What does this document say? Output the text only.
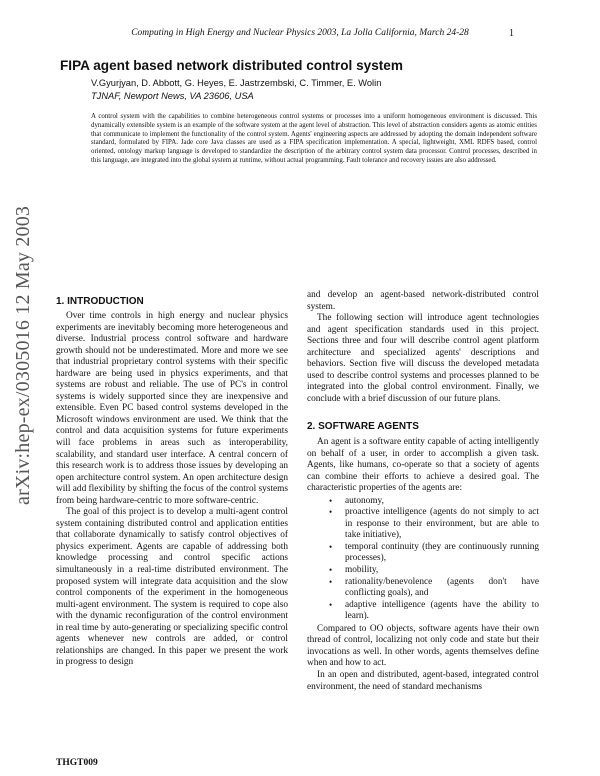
Computing in High Energy and Nuclear Physics 2003, La Jolla California, March 24-28	1
arXiv:hep-ex/0305016 12 May 2003
FIPA agent based network distributed control system
V.Gyurjyan, D. Abbott, G. Heyes, E. Jastrzembski, C. Timmer, E. Wolin
TJNAF, Newport News, VA 23606, USA
A control system with the capabilities to combine heterogeneous control systems or processes into a uniform homogeneous environment is discussed. This dynamically extensible system is an example of the software system at the agent level of abstraction. This level of abstraction considers agents as atomic entities that communicate to implement the functionality of the control system. Agents' engineering aspects are addressed by adopting the domain independent software standard, formulated by FIPA. Jade core Java classes are used as a FIPA specification implementation. A special, lightweight, XML RDFS based, control oriented, ontology markup language is developed to standardize the description of the arbitrary control system data processor. Control processes, described in this language, are integrated into the global system at runtime, without actual programming. Fault tolerance and recovery issues are also addressed.
1. INTRODUCTION

Over time controls in high energy and nuclear physics experiments are inevitably becoming more heterogeneous and diverse. Industrial process control software and hardware growth should not be underestimated. More and more we see that industrial proprietary control systems with their specific hardware are being used in physics experiments, and that systems are robust and reliable. The use of PC's in control systems is widely supported since they are inexpensive and extensible. Even PC based control systems developed in the Microsoft windows environment are used. We think that the control and data acquisition systems for future experiments will face problems in areas such as interoperability, scalability, and standard user interface. A central concern of this research work is to address those issues by developing an open architecture control system. An open architecture design will add flexibility by shifting the focus of the control systems from being hardware-centric to more software-centric.

The goal of this project is to develop a multi-agent control system containing distributed control and application entities that collaborate dynamically to satisfy control objectives of physics experiment. Agents are capable of addressing both knowledge processing and control specific actions simultaneously in a real-time distributed environment. The proposed system will integrate data acquisition and the slow control components of the experiment in the homogeneous multi-agent environment. The system is required to cope also with the dynamic reconfiguration of the control environment in real time by auto-generating or specializing specific control agents whenever new controls are added, or control relationships are changed. In this paper we present the work in progress to design

and develop an agent-based network-distributed control system.

The following section will introduce agent technologies and agent specification standards used in this project. Sections three and four will describe control agent platform architecture and specialized agents' descriptions and behaviors. Section five will discuss the developed metadata used to describe control systems and processes planned to be integrated into the global control environment. Finally, we conclude with a brief discussion of our future plans.

2. SOFTWARE AGENTS

An agent is a software entity capable of acting intelligently on behalf of a user, in order to accomplish a given task. Agents, like humans, co-operate so that a society of agents can combine their efforts to achieve a desired goal. The characteristic properties of the agents are:

• autonomy,
• proactive intelligence (agents do not simply to act in response to their environment, but are able to take initiative),
• temporal continuity (they are continuously running processes),
• mobility,
• rationality/benevolence (agents don't have conflicting goals), and
• adaptive intelligence (agents have the ability to learn).

Compared to OO objects, software agents have their own thread of control, localizing not only code and state but their invocations as well. In other words, agents themselves define when and how to act.

In an open and distributed, agent-based, integrated control environment, the need of standard mechanisms

THGT009
